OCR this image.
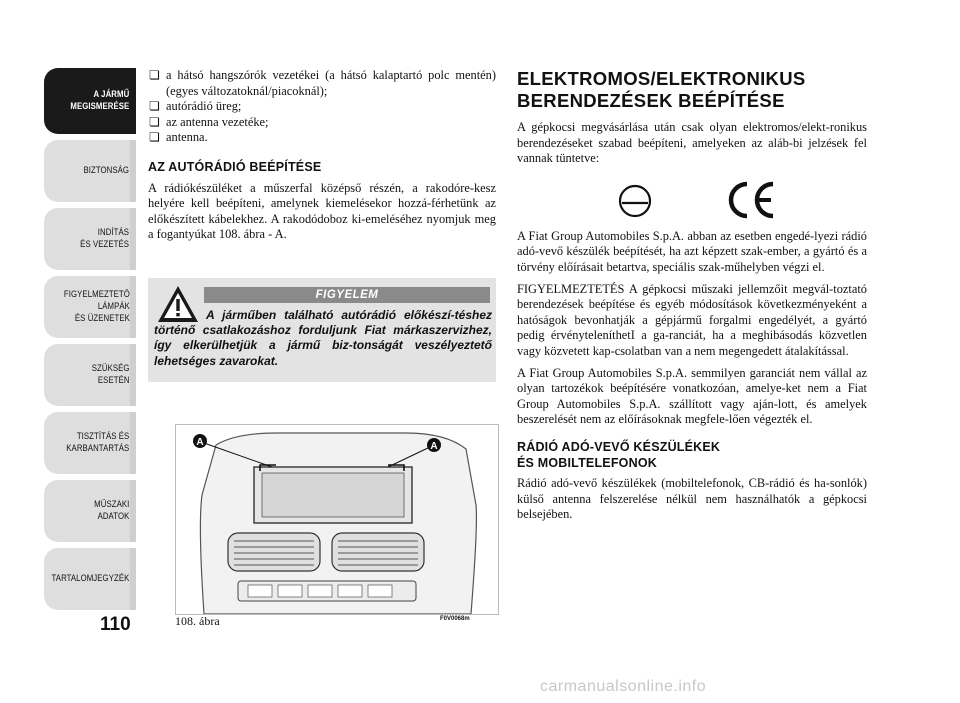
A JÁRMŰ
MEGISMERÉSE
BIZTONSÁG
INDÍTÁS
ÉS VEZETÉS
FIGYELMEZTETŐ
LÁMPÁK
ÉS ÜZENETEK
SZÜKSÉG
ESETÉN
TISZTÍTÁS ÉS
KARBANTARTÁS
MŰSZAKI
ADATOK
TARTALOMJEGYZÉK
110
❏ a hátsó hangszórók vezetékei (a hátsó kalaptartó polc mentén) (egyes változatoknál/piacoknál);
❏ autórádió üreg;
❏ az antenna vezetéke;
❏ antenna.
AZ AUTÓRÁDIÓ BEÉPÍTÉSE

A rádiókészüléket a műszerfal középső részén, a rakodóre-kesz helyére kell beépíteni, amelynek kiemelésekor hozzá-férhetünk az előkészített kábelekhez. A rakodódoboz ki-emeléséhez nyomjuk meg a fogantyúkat 108. ábra - A.

FIGYELEM
A járműben található autórádió előkészí-téshez történő csatlakozáshoz forduljunk Fiat márkaszervizhez, így elkerülhetjük a jármű biz-tonságát veszélyeztető lehetséges zavarokat.
A	A
108. ábra	F0V0068m
ELEKTROMOS/ELEKTRONIKUS BERENDEZÉSEK BEÉPÍTÉSE

A gépkocsi megvásárlása után csak olyan elektromos/elekt-ronikus berendezéseket szabad beépíteni, amelyeken az aláb-bi jelzések fel vannak tüntetve:

A Fiat Group Automobiles S.p.A. abban az esetben engedé-lyezi rádió adó-vevő készülék beépítését, ha azt képzett szak-ember, a gyártó és a törvény előírásait betartva, speciális szak-műhelyben végzi el.

FIGYELMEZTETÉS A gépkocsi műszaki jellemzőit megvál-toztató berendezések beépítése és egyéb módosítások következményeként a hatóságok bevonhatják a gépjármű forgalmi engedélyét, a gyártó pedig érvényteleníthetI a ga-ranciát, ha a meghibásodás közvetlen vagy közvetett kap-csolatban van a nem megengedett átalakítással.

A Fiat Group Automobiles S.p.A. semmilyen garanciát nem vállal az olyan tartozékok beépítésére vonatkozóan, amelye-ket nem a Fiat Group Automobiles S.p.A. szállított vagy aján-lott, és amelyek beszerelését nem az előírásoknak megfele-lően végezték el.

RÁDIÓ ADÓ-VEVŐ KÉSZÜLÉKEK
ÉS MOBILTELEFONOK

Rádió adó-vevő készülékek (mobiltelefonok, CB-rádió és ha-sonlók) külső antenna felszerelése nélkül nem használhatók a gépkocsi belsejében.

carmanualsonline.info
